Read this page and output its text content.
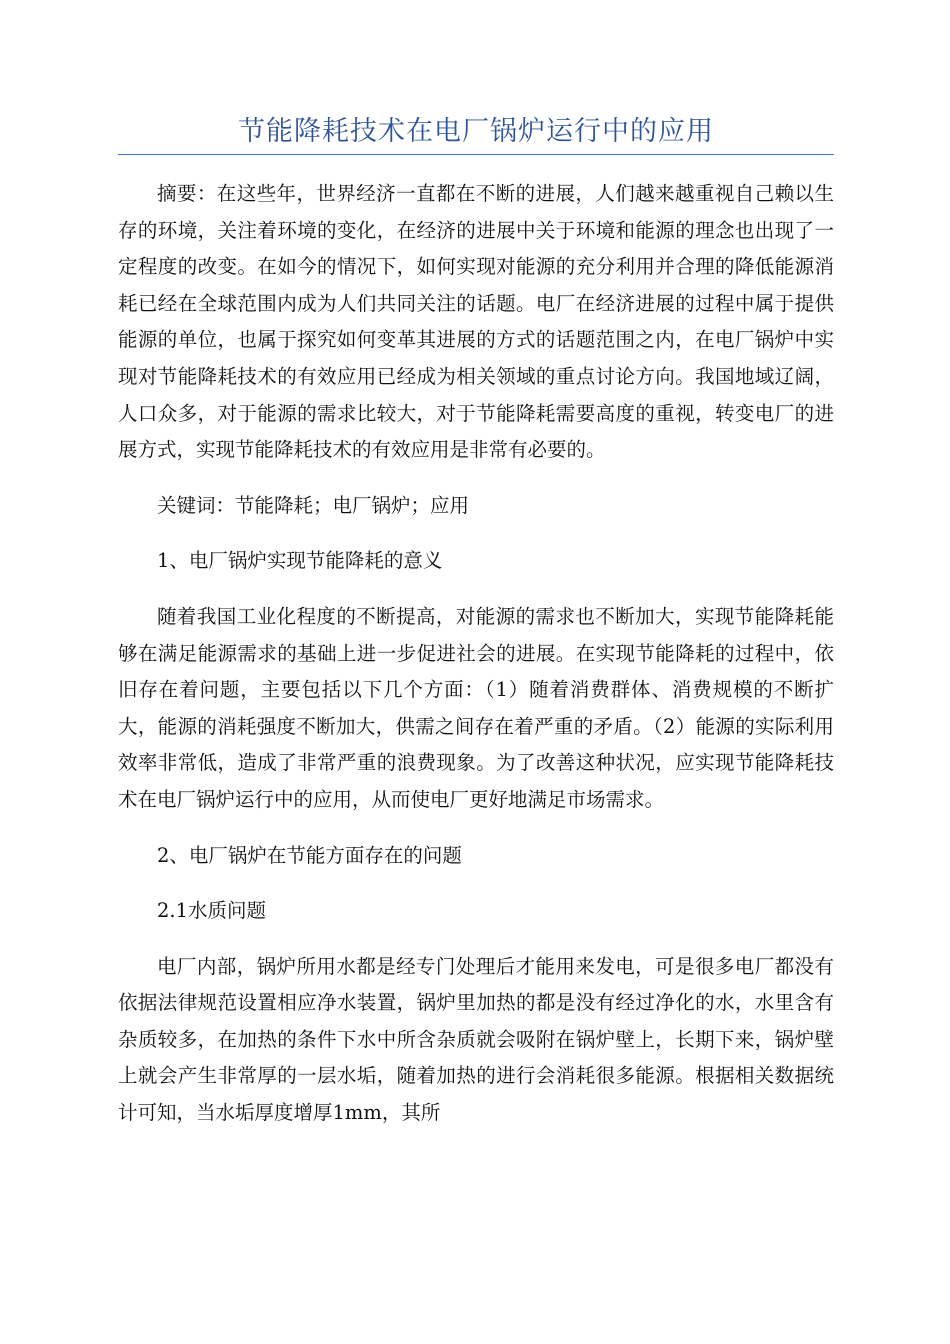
节能降耗技术在电厂锅炉运行中的应用

摘要：在这些年，世界经济一直都在不断的进展，人们越来越重视自己赖以生存的环境，关注着环境的变化，在经济的进展中关于环境和能源的理念也出现了一定程度的改变。在如今的情况下，如何实现对能源的充分利用并合理的降低能源消耗已经在全球范围内成为人们共同关注的话题。电厂在经济进展的过程中属于提供能源的单位，也属于探究如何变革其进展的方式的话题范围之内，在电厂锅炉中实现对节能降耗技术的有效应用已经成为相关领域的重点讨论方向。我国地域辽阔，人口众多，对于能源的需求比较大，对于节能降耗需要高度的重视，转变电厂的进展方式，实现节能降耗技术的有效应用是非常有必要的。

关键词：节能降耗；电厂锅炉；应用

1、电厂锅炉实现节能降耗的意义

随着我国工业化程度的不断提高，对能源的需求也不断加大，实现节能降耗能够在满足能源需求的基础上进一步促进社会的进展。在实现节能降耗的过程中，依旧存在着问题，主要包括以下几个方面：（1）随着消费群体、消费规模的不断扩大，能源的消耗强度不断加大，供需之间存在着严重的矛盾。（2）能源的实际利用效率非常低，造成了非常严重的浪费现象。为了改善这种状况，应实现节能降耗技术在电厂锅炉运行中的应用，从而使电厂更好地满足市场需求。

2、电厂锅炉在节能方面存在的问题

2.1水质问题

电厂内部，锅炉所用水都是经专门处理后才能用来发电，可是很多电厂都没有依据法律规范设置相应净水装置，锅炉里加热的都是没有经过净化的水，水里含有杂质较多，在加热的条件下水中所含杂质就会吸附在锅炉壁上，长期下来，锅炉壁上就会产生非常厚的一层水垢，随着加热的进行会消耗很多能源。根据相关数据统计可知，当水垢厚度增厚1mm，其所
